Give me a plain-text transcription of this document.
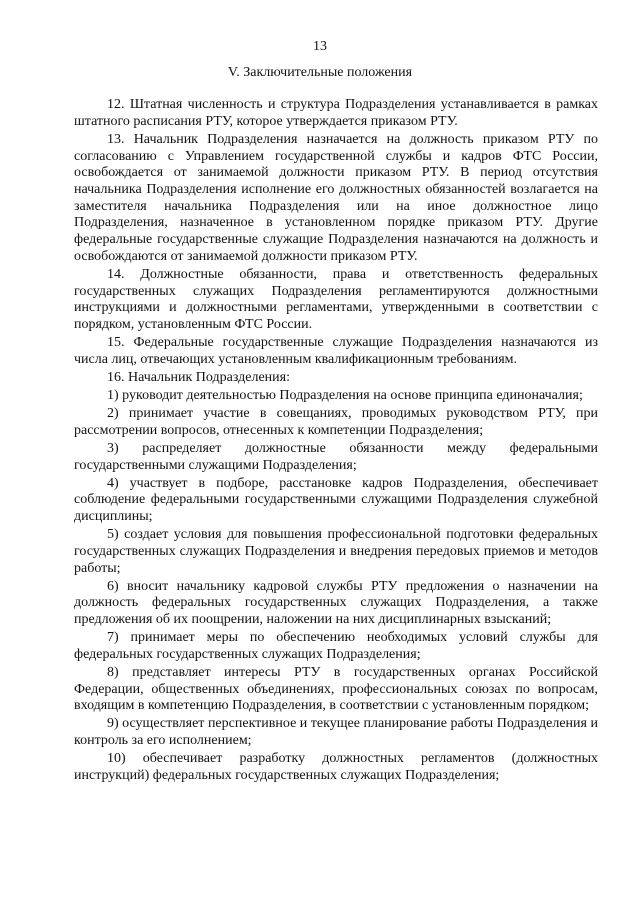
13
V. Заключительные положения

12. Штатная численность и структура Подразделения устанавливается в рамках штатного расписания РТУ, которое утверждается приказом РТУ.

13. Начальник Подразделения назначается на должность приказом РТУ по согласованию с Управлением государственной службы и кадров ФТС России, освобождается от занимаемой должности приказом РТУ. В период отсутствия начальника Подразделения исполнение его должностных обязанностей возлагается на заместителя начальника Подразделения или на иное должностное лицо Подразделения, назначенное в установленном порядке приказом РТУ. Другие федеральные государственные служащие Подразделения назначаются на должность и освобождаются от занимаемой должности приказом РТУ.

14. Должностные обязанности, права и ответственность федеральных государственных служащих Подразделения регламентируются должностными инструкциями и должностными регламентами, утвержденными в соответствии с порядком, установленным ФТС России.

15. Федеральные государственные служащие Подразделения назначаются из числа лиц, отвечающих установленным квалификационным требованиям.

16. Начальник Подразделения:

1) руководит деятельностью Подразделения на основе принципа единоначалия;

2) принимает участие в совещаниях, проводимых руководством РТУ, при рассмотрении вопросов, отнесенных к компетенции Подразделения;

3) распределяет должностные обязанности между федеральными государственными служащими Подразделения;

4) участвует в подборе, расстановке кадров Подразделения, обеспечивает соблюдение федеральными государственными служащими Подразделения служебной дисциплины;

5) создает условия для повышения профессиональной подготовки федеральных государственных служащих Подразделения и внедрения передовых приемов и методов работы;

6) вносит начальнику кадровой службы РТУ предложения о назначении на должность федеральных государственных служащих Подразделения, а также предложения об их поощрении, наложении на них дисциплинарных взысканий;

7) принимает меры по обеспечению необходимых условий службы для федеральных государственных служащих Подразделения;

8) представляет интересы РТУ в государственных органах Российской Федерации, общественных объединениях, профессиональных союзах по вопросам, входящим в компетенцию Подразделения, в соответствии с установленным порядком;

9) осуществляет перспективное и текущее планирование работы Подразделения и контроль за его исполнением;

10) обеспечивает разработку должностных регламентов (должностных инструкций) федеральных государственных служащих Подразделения;
